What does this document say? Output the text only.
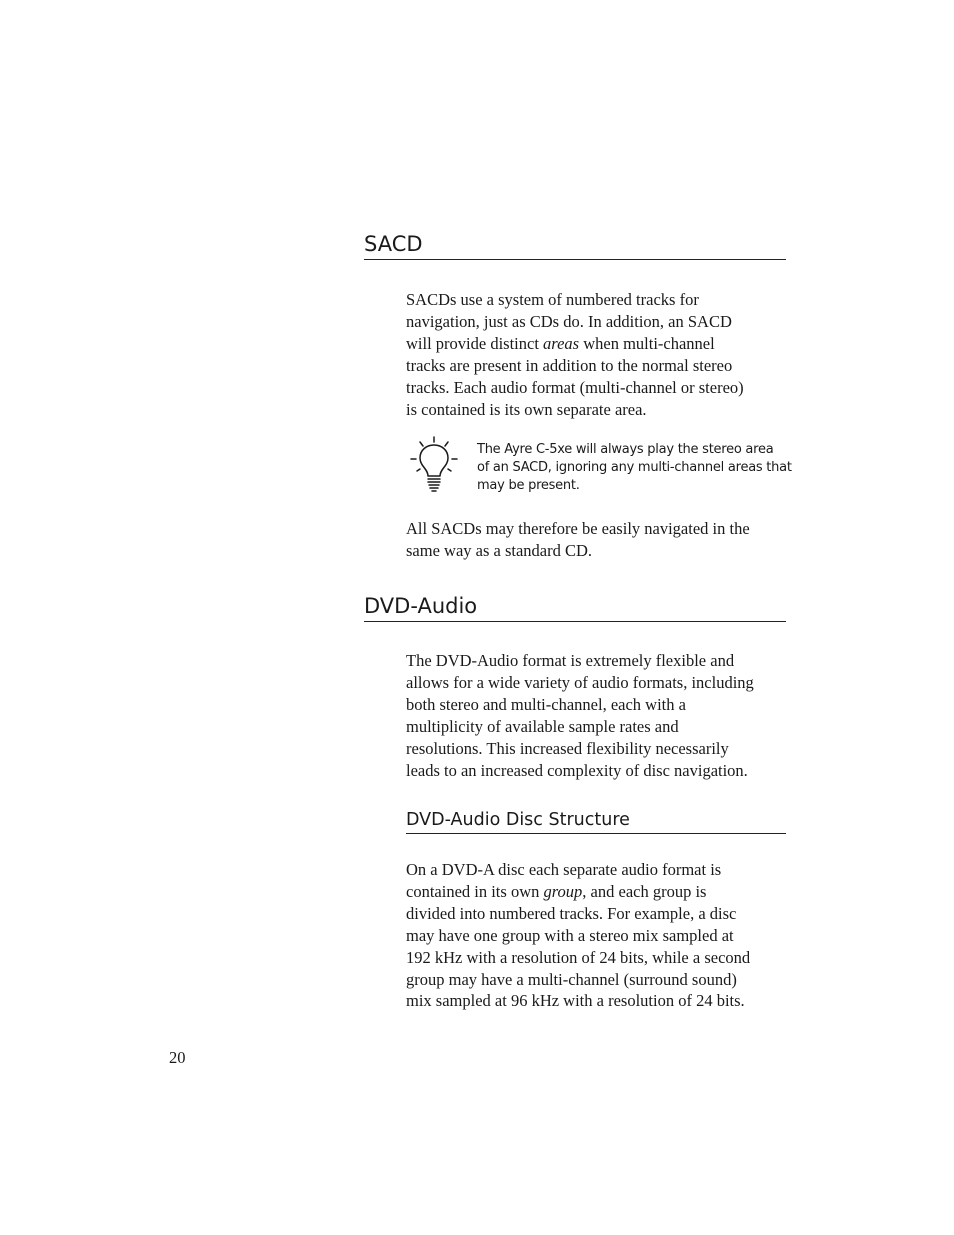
SACD

SACDs use a system of numbered tracks for
navigation, just as CDs do. In addition, an SACD
will provide distinct areas when multi-channel
tracks are present in addition to the normal stereo
tracks. Each audio format (multi-channel or stereo)
is contained is its own separate area.

The Ayre C-5xe will always play the stereo area
of an SACD, ignoring any multi-channel areas that
may be present.

All SACDs may therefore be easily navigated in the
same way as a standard CD.

DVD-Audio

The DVD-Audio format is extremely flexible and
allows for a wide variety of audio formats, including
both stereo and multi-channel, each with a
multiplicity of available sample rates and
resolutions. This increased flexibility necessarily
leads to an increased complexity of disc navigation.

DVD-Audio Disc Structure

On a DVD-A disc each separate audio format is
contained in its own group, and each group is
divided into numbered tracks. For example, a disc
may have one group with a stereo mix sampled at
192 kHz with a resolution of 24 bits, while a second
group may have a multi-channel (surround sound)
mix sampled at 96 kHz with a resolution of 24 bits.

20
